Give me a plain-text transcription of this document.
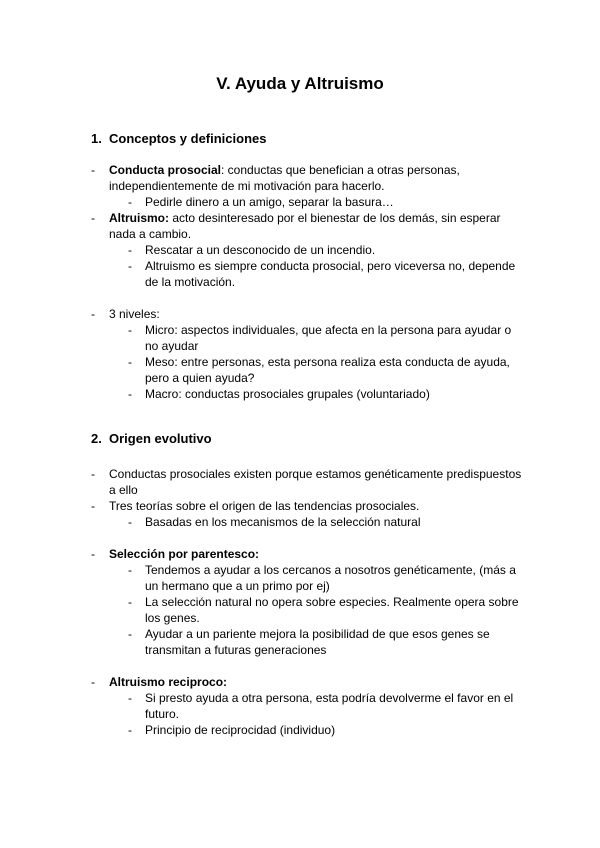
V. Ayuda y Altruismo
1. Conceptos y definiciones
- Conducta prosocial: conductas que benefician a otras personas,
independientemente de mi motivación para hacerlo.
- Pedirle dinero a un amigo, separar la basura…
- Altruismo: acto desinteresado por el bienestar de los demás, sin esperar
nada a cambio.
- Rescatar a un desconocido de un incendio.
- Altruismo es siempre conducta prosocial, pero viceversa no, depende
de la motivación.
- 3 niveles:
- Micro: aspectos individuales, que afecta en la persona para ayudar o
no ayudar
- Meso: entre personas, esta persona realiza esta conducta de ayuda,
pero a quien ayuda?
- Macro: conductas prosociales grupales (voluntariado)
2. Origen evolutivo
- Conductas prosociales existen porque estamos genéticamente predispuestos
a ello
- Tres teorías sobre el origen de las tendencias prosociales.
- Basadas en los mecanismos de la selección natural
- Selección por parentesco:
- Tendemos a ayudar a los cercanos a nosotros genéticamente, (más a
un hermano que a un primo por ej)
- La selección natural no opera sobre especies. Realmente opera sobre
los genes.
- Ayudar a un pariente mejora la posibilidad de que esos genes se
transmitan a futuras generaciones
- Altruismo reciproco:
- Si presto ayuda a otra persona, esta podría devolverme el favor en el
futuro.
- Principio de reciprocidad (individuo)
